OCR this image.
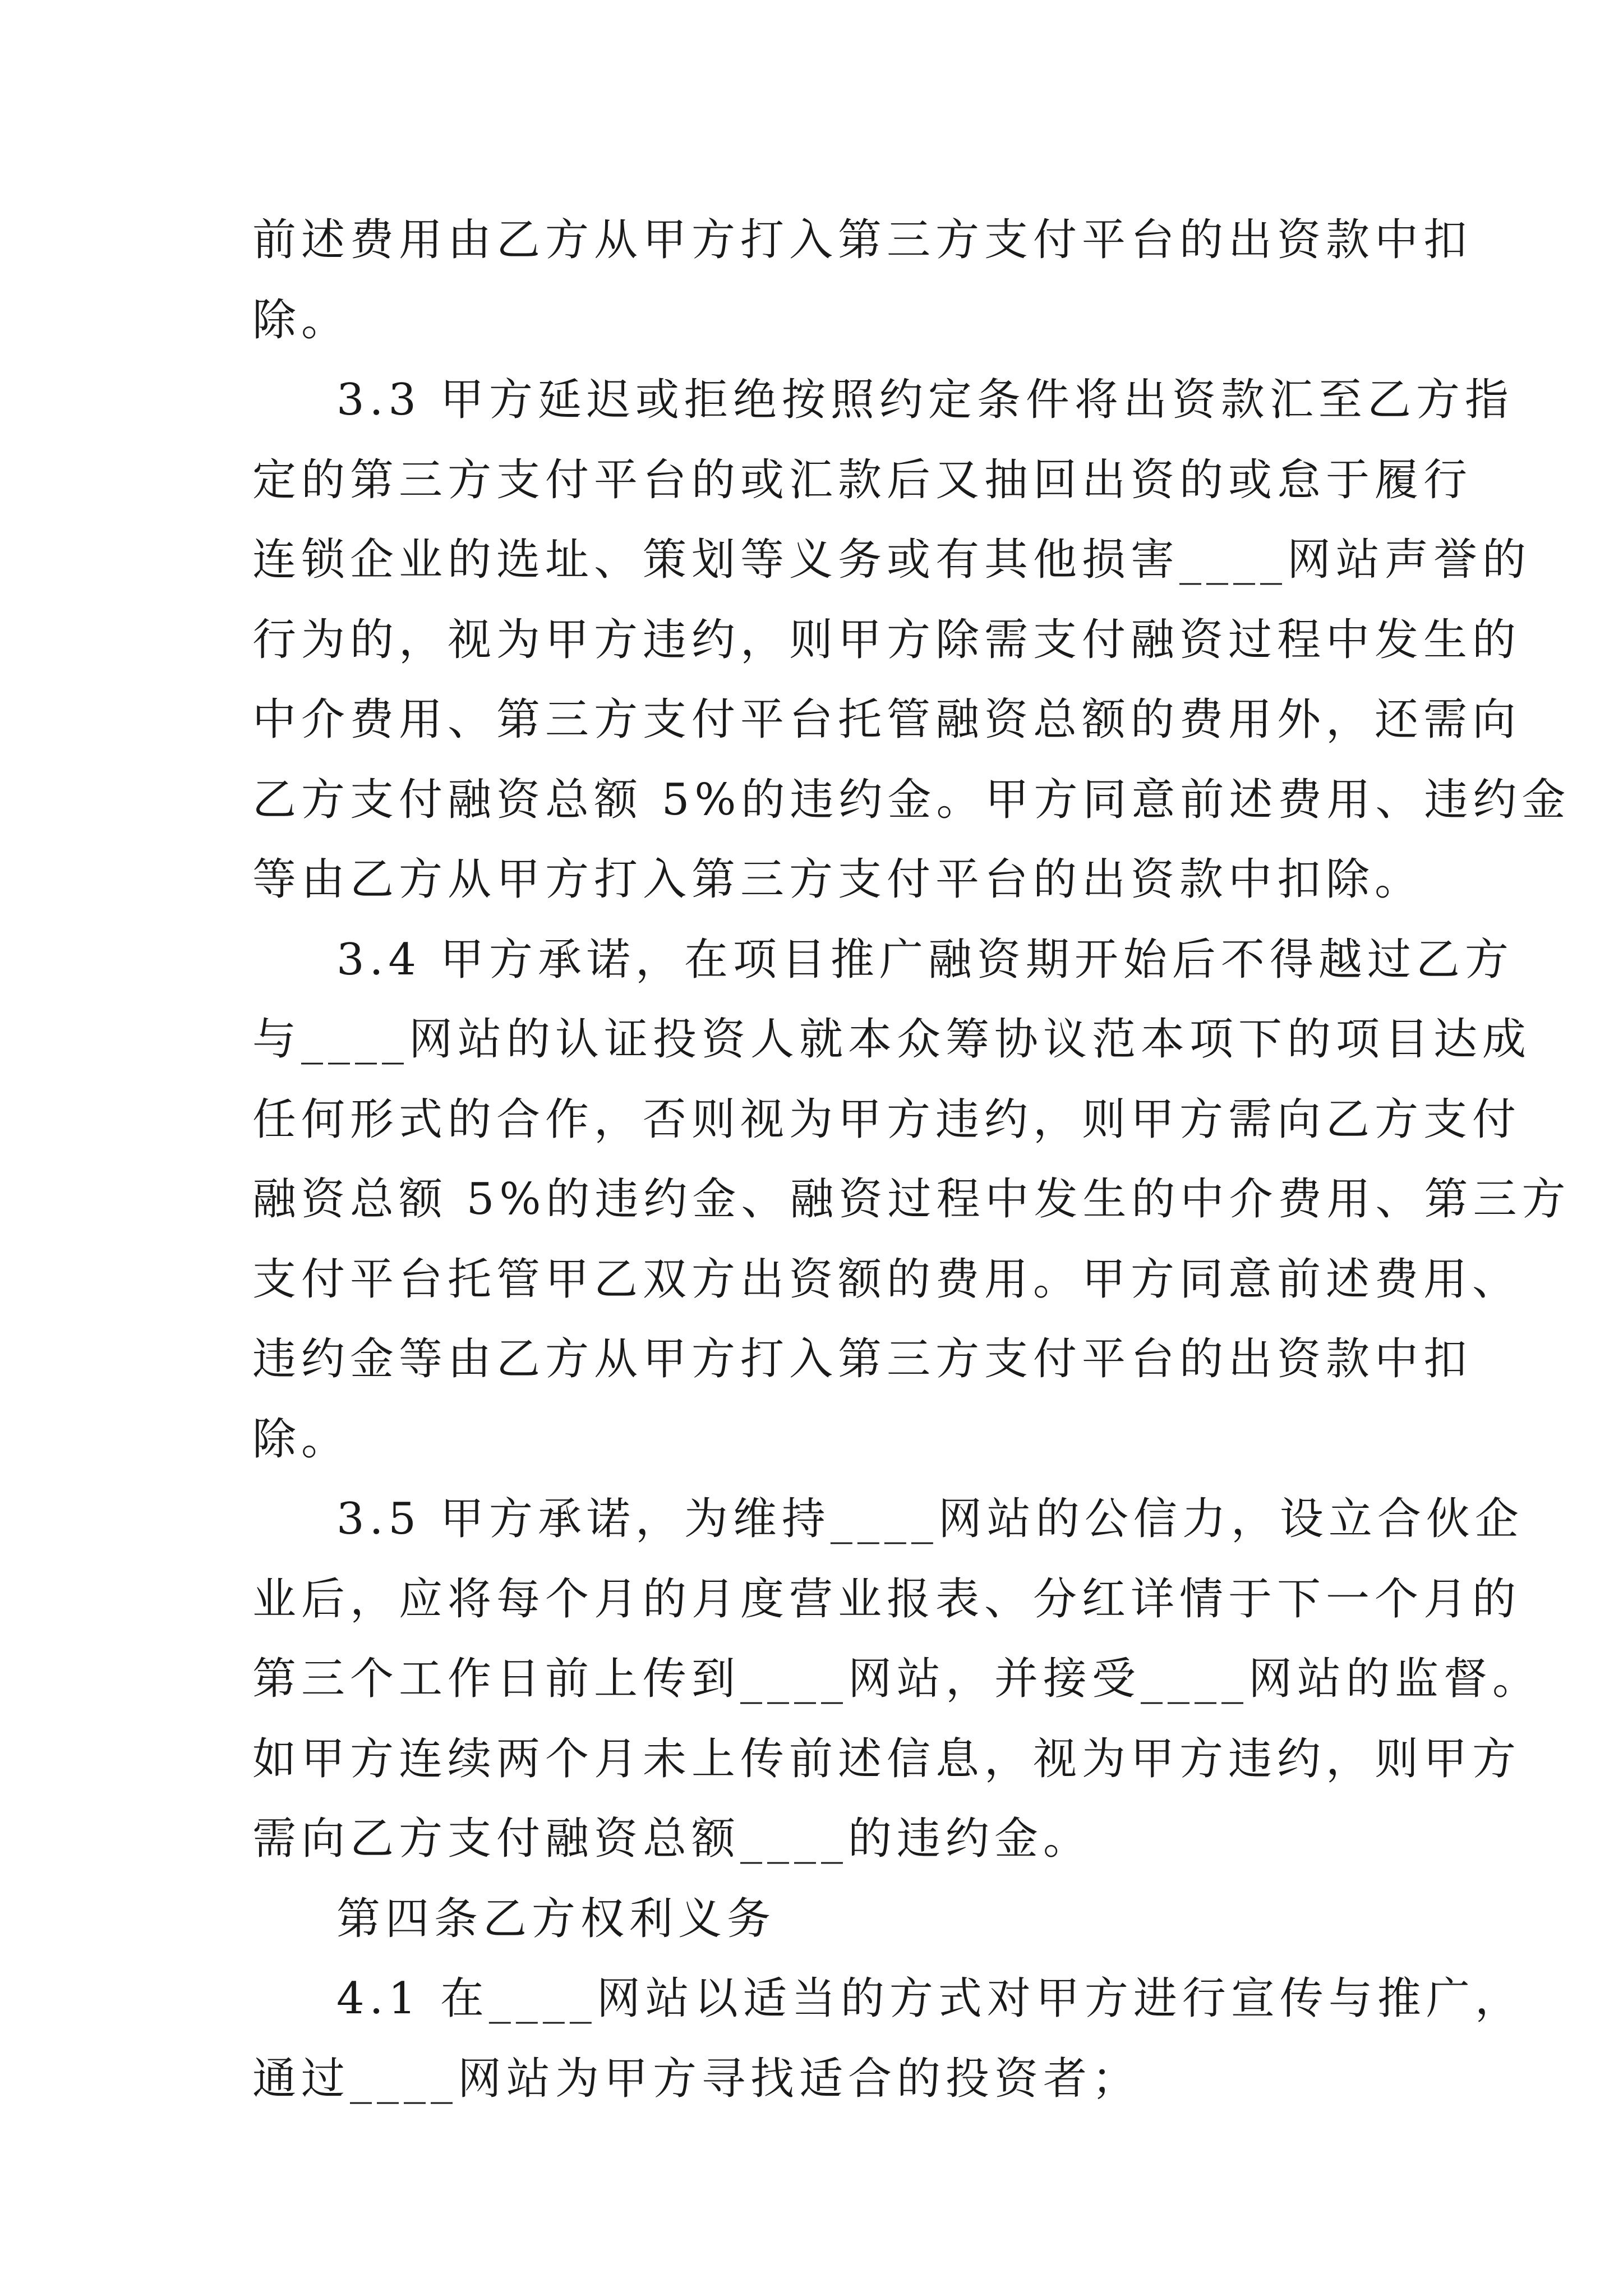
前述费用由乙方从甲方打入第三方支付平台的出资款中扣
除。
3.3 甲方延迟或拒绝按照约定条件将出资款汇至乙方指
定的第三方支付平台的或汇款后又抽回出资的或怠于履行
连锁企业的选址、策划等义务或有其他损害____网站声誉的
行为的，视为甲方违约，则甲方除需支付融资过程中发生的
中介费用、第三方支付平台托管融资总额的费用外，还需向
乙方支付融资总额 5%的违约金。甲方同意前述费用、违约金
等由乙方从甲方打入第三方支付平台的出资款中扣除。
3.4 甲方承诺，在项目推广融资期开始后不得越过乙方
与____网站的认证投资人就本众筹协议范本项下的项目达成
任何形式的合作，否则视为甲方违约，则甲方需向乙方支付
融资总额 5%的违约金、融资过程中发生的中介费用、第三方
支付平台托管甲乙双方出资额的费用。甲方同意前述费用、
违约金等由乙方从甲方打入第三方支付平台的出资款中扣
除。
3.5 甲方承诺，为维持____网站的公信力，设立合伙企
业后，应将每个月的月度营业报表、分红详情于下一个月的
第三个工作日前上传到____网站，并接受____网站的监督。
如甲方连续两个月未上传前述信息，视为甲方违约，则甲方
需向乙方支付融资总额____的违约金。
第四条乙方权利义务
4.1 在____网站以适当的方式对甲方进行宣传与推广，
通过____网站为甲方寻找适合的投资者；
